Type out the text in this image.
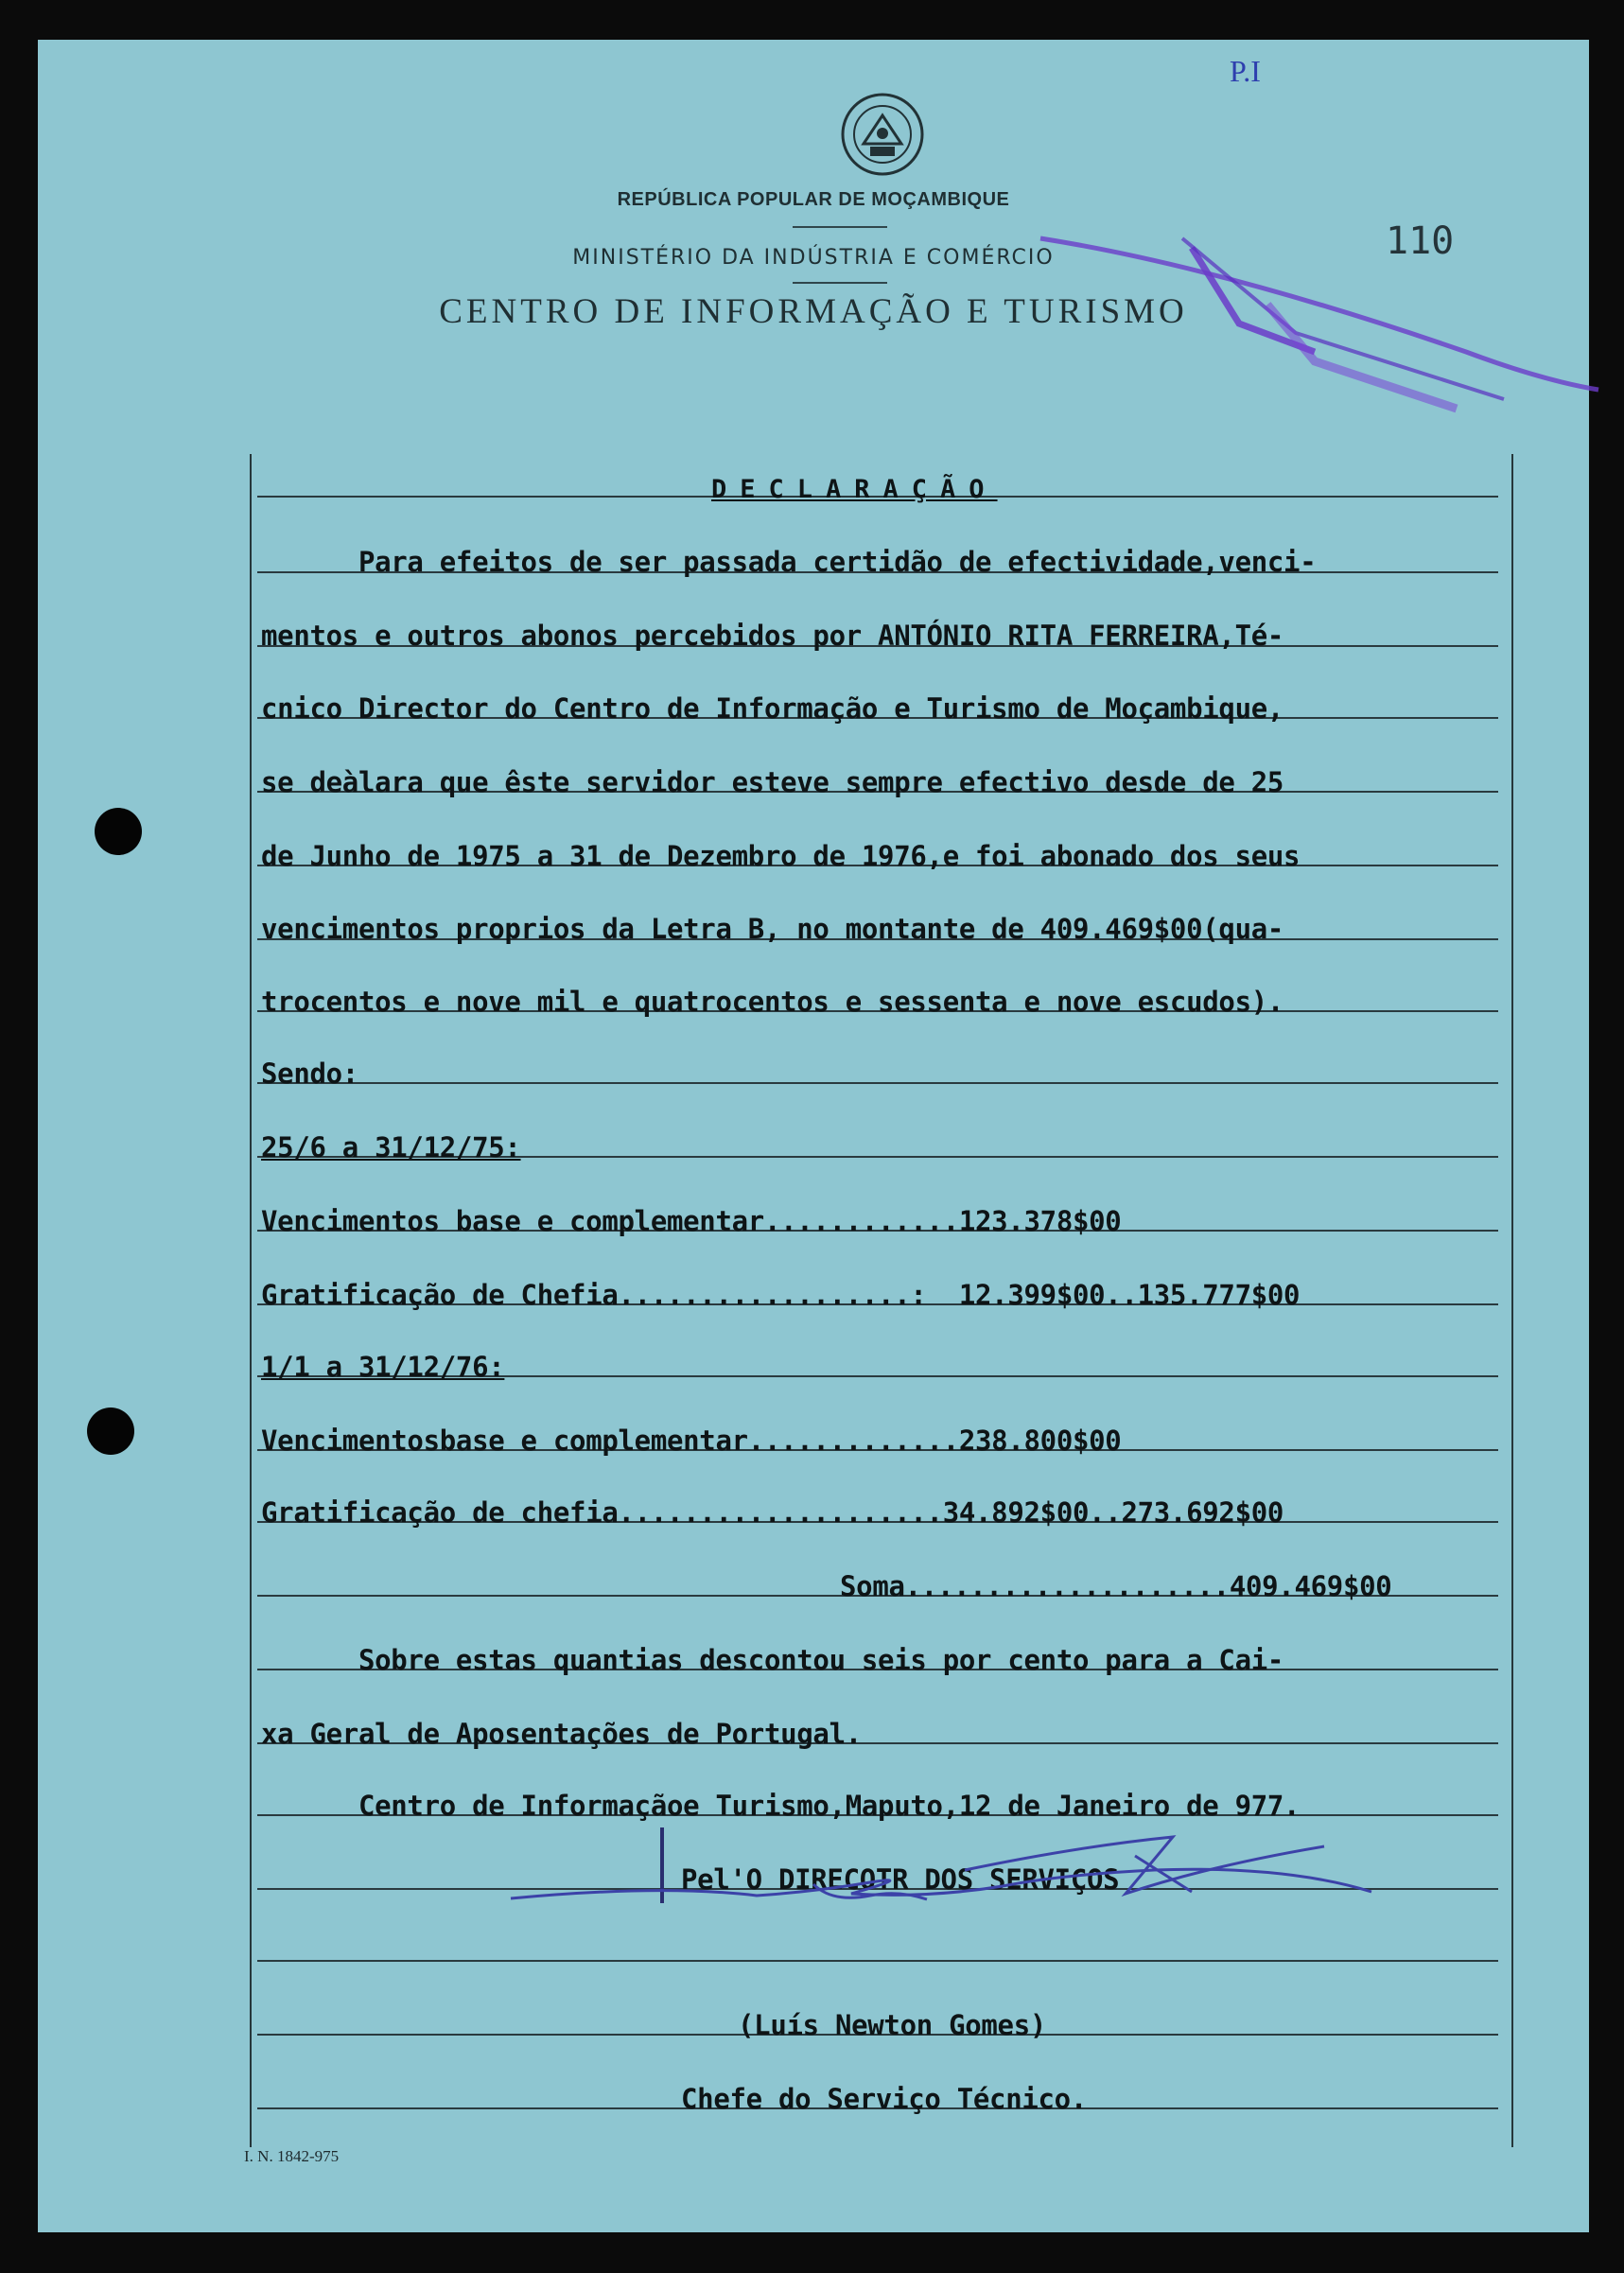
REPÚBLICA POPULAR DE MOÇAMBIQUE
MINISTÉRIO DA INDÚSTRIA E COMÉRCIO
CENTRO DE INFORMAÇÃO E TURISMO
P.I
110
DECLARAÇÃO
Para efeitos de ser passada certidão de efectividade,venci-
mentos e outros abonos percebidos por ANTÓNIO RITA FERREIRA,Té-
cnico Director do Centro de Informação e Turismo de Moçambique,
se deàlara que êste servidor esteve sempre efectivo desde de 25
de Junho de 1975 a 31 de Dezembro de 1976,e foi abonado dos seus
vencimentos proprios da Letra B, no montante de 409.469$00(qua-
trocentos e nove mil e quatrocentos e sessenta e nove escudos).
Sendo:
25/6 a 31/12/75:
Vencimentos base e complementar............123.378$00
Gratificação de Chefia..................:  12.399$00..135.777$00
1/1 a 31/12/76:
Vencimentosbase e complementar.............238.800$00
Gratificação de chefia....................34.892$00..273.692$00
Soma....................409.469$00
Sobre estas quantias descontou seis por cento para a Cai-
xa Geral de Aposentações de Portugal.
Centro de Informaçãoe Turismo,Maputo,12 de Janeiro de 977.
Pel'O DIRECOTR DOS SERVIÇOS
(Luís Newton Gomes)
Chefe do Serviço Técnico.
I. N. 1842-975
